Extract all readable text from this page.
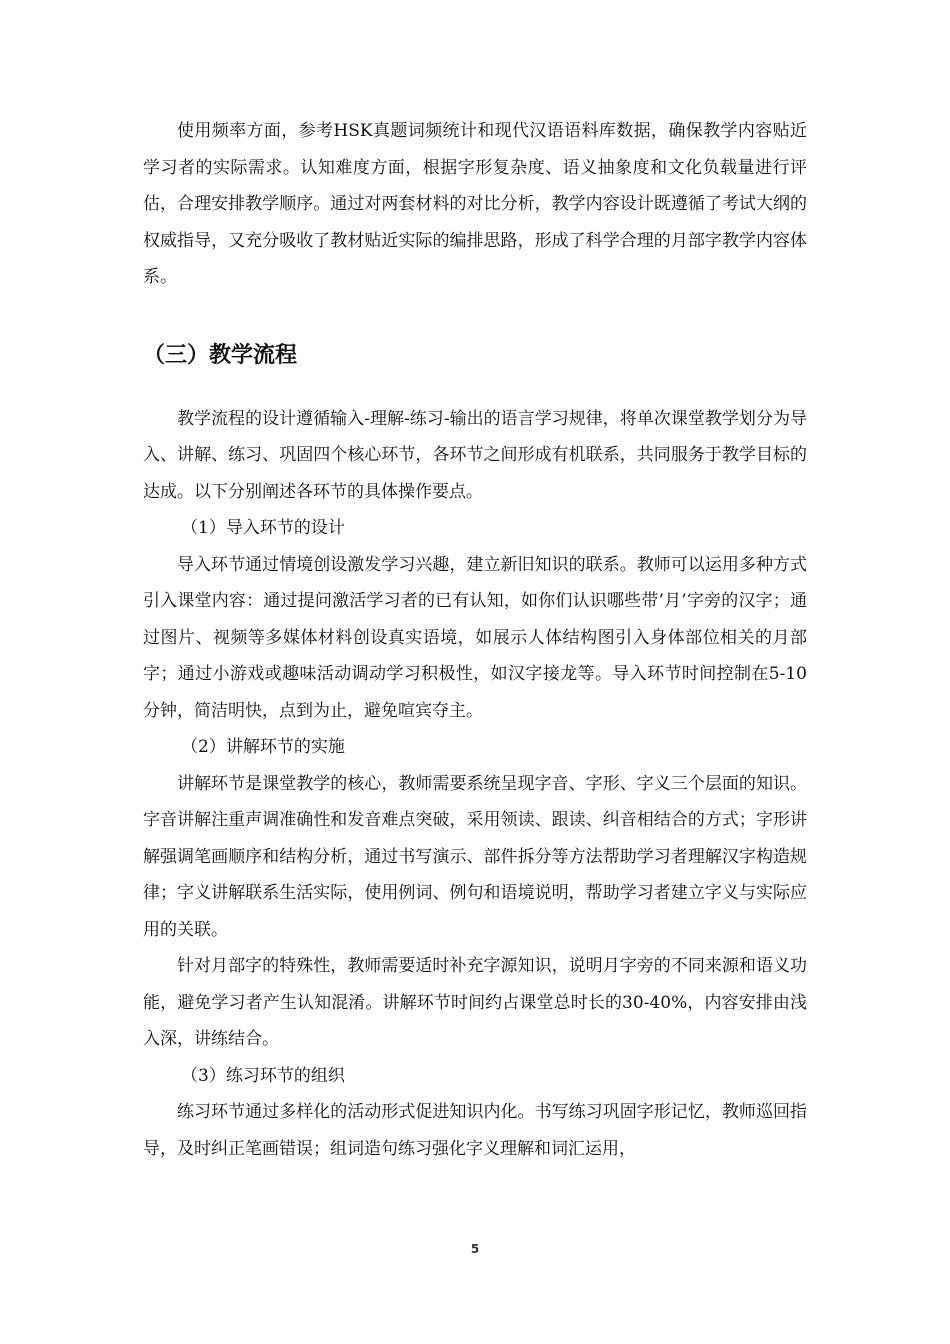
使用频率方面，参考HSK真题词频统计和现代汉语语料库数据，确保教学内容贴近学习者的实际需求。认知难度方面，根据字形复杂度、语义抽象度和文化负载量进行评估，合理安排教学顺序。通过对两套材料的对比分析，教学内容设计既遵循了考试大纲的权威指导，又充分吸收了教材贴近实际的编排思路，形成了科学合理的月部字教学内容体系。

（三）教学流程

教学流程的设计遵循输入-理解-练习-输出的语言学习规律，将单次课堂教学划分为导入、讲解、练习、巩固四个核心环节，各环节之间形成有机联系，共同服务于教学目标的达成。以下分别阐述各环节的具体操作要点。

（1）导入环节的设计

导入环节通过情境创设激发学习兴趣，建立新旧知识的联系。教师可以运用多种方式引入课堂内容：通过提问激活学习者的已有认知，如你们认识哪些带’月’字旁的汉字；通过图片、视频等多媒体材料创设真实语境，如展示人体结构图引入身体部位相关的月部字；通过小游戏或趣味活动调动学习积极性，如汉字接龙等。导入环节时间控制在5-10分钟，简洁明快，点到为止，避免喧宾夺主。

（2）讲解环节的实施

讲解环节是课堂教学的核心，教师需要系统呈现字音、字形、字义三个层面的知识。字音讲解注重声调准确性和发音难点突破，采用领读、跟读、纠音相结合的方式；字形讲解强调笔画顺序和结构分析，通过书写演示、部件拆分等方法帮助学习者理解汉字构造规律；字义讲解联系生活实际，使用例词、例句和语境说明，帮助学习者建立字义与实际应用的关联。

针对月部字的特殊性，教师需要适时补充字源知识，说明月字旁的不同来源和语义功能，避免学习者产生认知混淆。讲解环节时间约占课堂总时长的30-40%，内容安排由浅入深，讲练结合。

（3）练习环节的组织

练习环节通过多样化的活动形式促进知识内化。书写练习巩固字形记忆，教师巡回指导，及时纠正笔画错误；组词造句练习强化字义理解和词汇运用，

5
